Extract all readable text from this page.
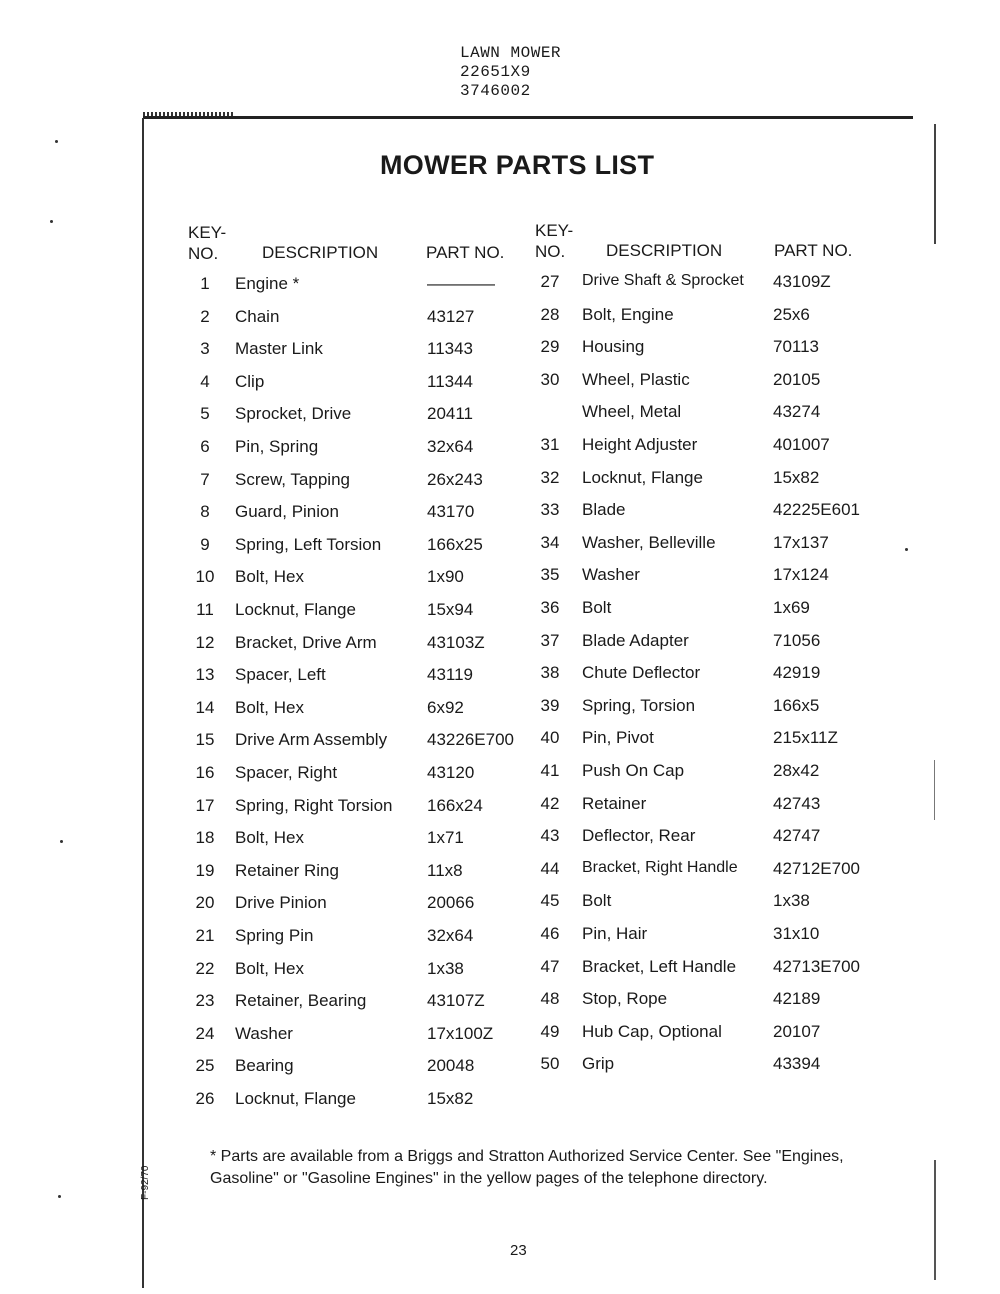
LAWN MOWER
22651X9
3746002
MOWER PARTS LIST
KEY-
NO.	DESCRIPTION	PART NO.
KEY-
NO.	DESCRIPTION	PART NO.
1	Engine *	————
2	Chain	43127
3	Master Link	11343
4	Clip	11344
5	Sprocket, Drive	20411
6	Pin, Spring	32x64
7	Screw, Tapping	26x243
8	Guard, Pinion	43170
9	Spring, Left Torsion	166x25
10	Bolt, Hex	1x90
11	Locknut, Flange	15x94
12	Bracket, Drive Arm	43103Z
13	Spacer, Left	43119
14	Bolt, Hex	6x92
15	Drive Arm Assembly 43226E700
16	Spacer, Right	43120
17	Spring, Right Torsion 166x24
18	Bolt, Hex	1x71
19	Retainer Ring	11x8
20	Drive Pinion	20066
21	Spring Pin	32x64
22	Bolt, Hex	1x38
23	Retainer, Bearing	43107Z
24	Washer	17x100Z
25	Bearing	20048
26	Locknut, Flange	15x82
27	Drive Shaft & Sprocket 43109Z
28	Bolt, Engine	25x6
29	Housing	70113
30	Wheel, Plastic	20105
Wheel, Metal	43274
31	Height Adjuster	401007
32	Locknut, Flange	15x82
33	Blade	42225E601
34	Washer, Belleville	17x137
35	Washer	17x124
36	Bolt	1x69
37	Blade Adapter	71056
38	Chute Deflector	42919
39	Spring, Torsion	166x5
40	Pin, Pivot	215x11Z
41	Push On Cap	28x42
42	Retainer	42743
43	Deflector, Rear	42747
44	Bracket, Right Handle 42712E700
45	Bolt	1x38
46	Pin, Hair	31x10
47	Bracket, Left Handle 42713E700
48	Stop, Rope	42189
49	Hub Cap, Optional	20107
50	Grip	43394
* Parts are available from a Briggs and Stratton Authorized Service Center. See "Engines, Gasoline" or "Gasoline Engines" in the yellow pages of the telephone directory.
23
F-92/70
